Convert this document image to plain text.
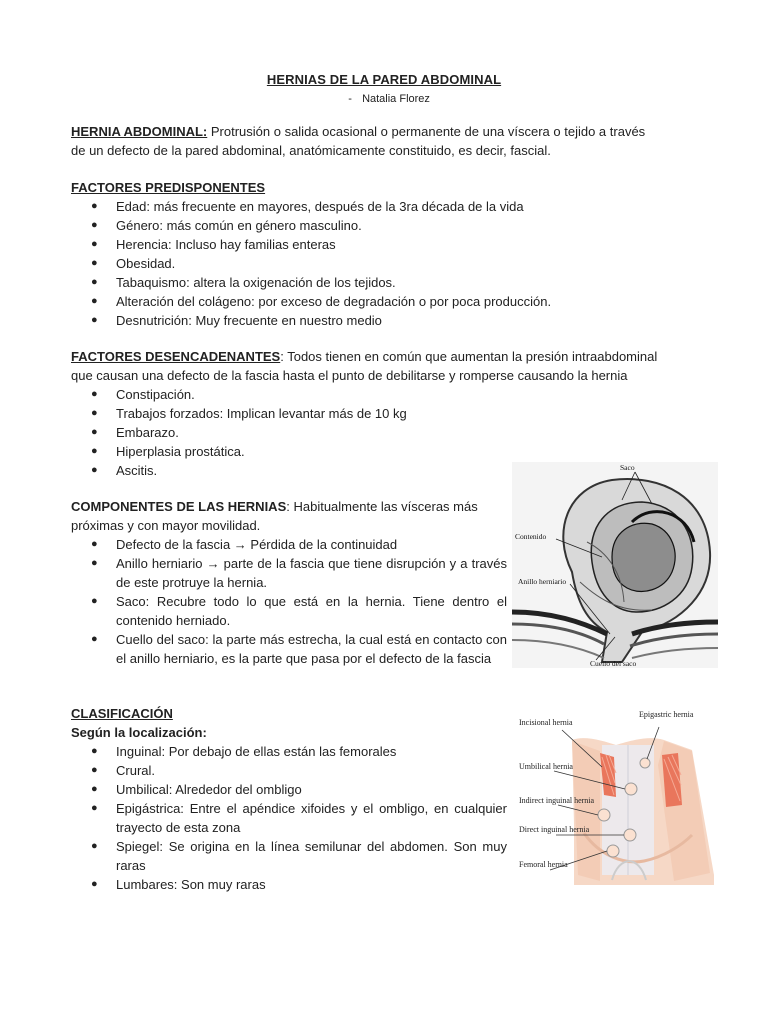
HERNIAS DE LA PARED ABDOMINAL
- Natalia Florez
HERNIA ABDOMINAL: Protrusión o salida ocasional o permanente de una víscera o tejido a través
de un defecto de la pared abdominal, anatómicamente constituido, es decir, fascial.
FACTORES PREDISPONENTES
● Edad: más frecuente en mayores, después de la 3ra década de la vida
● Género: más común en género masculino.
● Herencia: Incluso hay familias enteras
● Obesidad.
● Tabaquismo: altera la oxigenación de los tejidos.
● Alteración del colágeno: por exceso de degradación o por poca producción.
● Desnutrición: Muy frecuente en nuestro medio
FACTORES DESENCADENANTES: Todos tienen en común que aumentan la presión intraabdominal
que causan una defecto de la fascia hasta el punto de debilitarse y romperse causando la hernia
● Constipación.
● Trabajos forzados: Implican levantar más de 10 kg
● Embarazo.
● Hiperplasia prostática.
● Ascitis.
COMPONENTES DE LAS HERNIAS: Habitualmente las vísceras más
próximas y con mayor movilidad.
● Defecto de la fascia → Pérdida de la continuidad
● Anillo herniario → parte de la fascia que tiene disrupción y a través de este protruye la hernia.
● Saco: Recubre todo lo que está en la hernia. Tiene dentro el contenido herniado.
● Cuello del saco: la parte más estrecha, la cual está en contacto con el anillo herniario, es la parte que pasa por el defecto de la fascia
CLASIFICACIÓN
Según la localización:
● Inguinal: Por debajo de ellas están las femorales
● Crural.
● Umbilical: Alrededor del ombligo
● Epigástrica: Entre el apéndice xifoides y el ombligo, en cualquier trayecto de esta zona
● Spiegel: Se origina en la línea semilunar del abdomen. Son muy raras
● Lumbares: Son muy raras
Saco
Contenido
Anillo herniario
Cuello del saco
Incisional hernia
Epigastric hernia
Umbilical hernia
Indirect inguinal hernia
Direct inguinal hernia
Femoral hernia
